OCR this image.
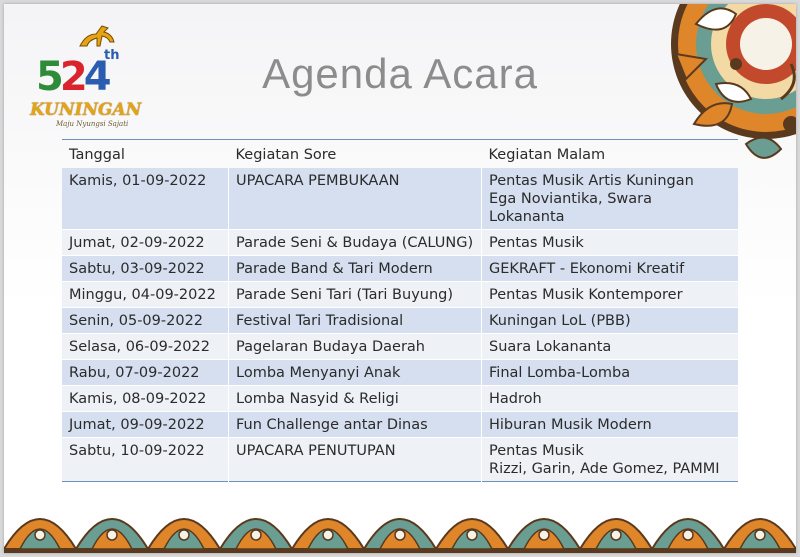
524
th
KUNINGAN
Maju Nyungsi Sajati
Agenda Acara
Tanggal	Kegiatan Sore	Kegiatan Malam
Kamis, 01-09-2022	UPACARA PEMBUKAAN	Pentas Musik Artis Kuningan
Ega Noviantika, Swara Lokananta

Jumat, 02-09-2022	Parade Seni & Budaya (CALUNG)	Pentas Musik

Sabtu, 03-09-2022	Parade Band & Tari Modern	GEKRAFT - Ekonomi Kreatif

Minggu, 04-09-2022	Parade Seni Tari (Tari Buyung)	Pentas Musik Kontemporer

Senin, 05-09-2022	Festival Tari Tradisional	Kuningan LoL (PBB)

Selasa, 06-09-2022	Pagelaran Budaya Daerah	Suara Lokananta

Rabu, 07-09-2022	Lomba Menyanyi Anak	Final Lomba-Lomba

Kamis, 08-09-2022	Lomba Nasyid & Religi	Hadroh

Jumat, 09-09-2022	Fun Challenge antar Dinas	Hiburan Musik Modern

Sabtu, 10-09-2022	UPACARA PENUTUPAN	Pentas Musik
Rizzi, Garin, Ade Gomez, PAMMI
